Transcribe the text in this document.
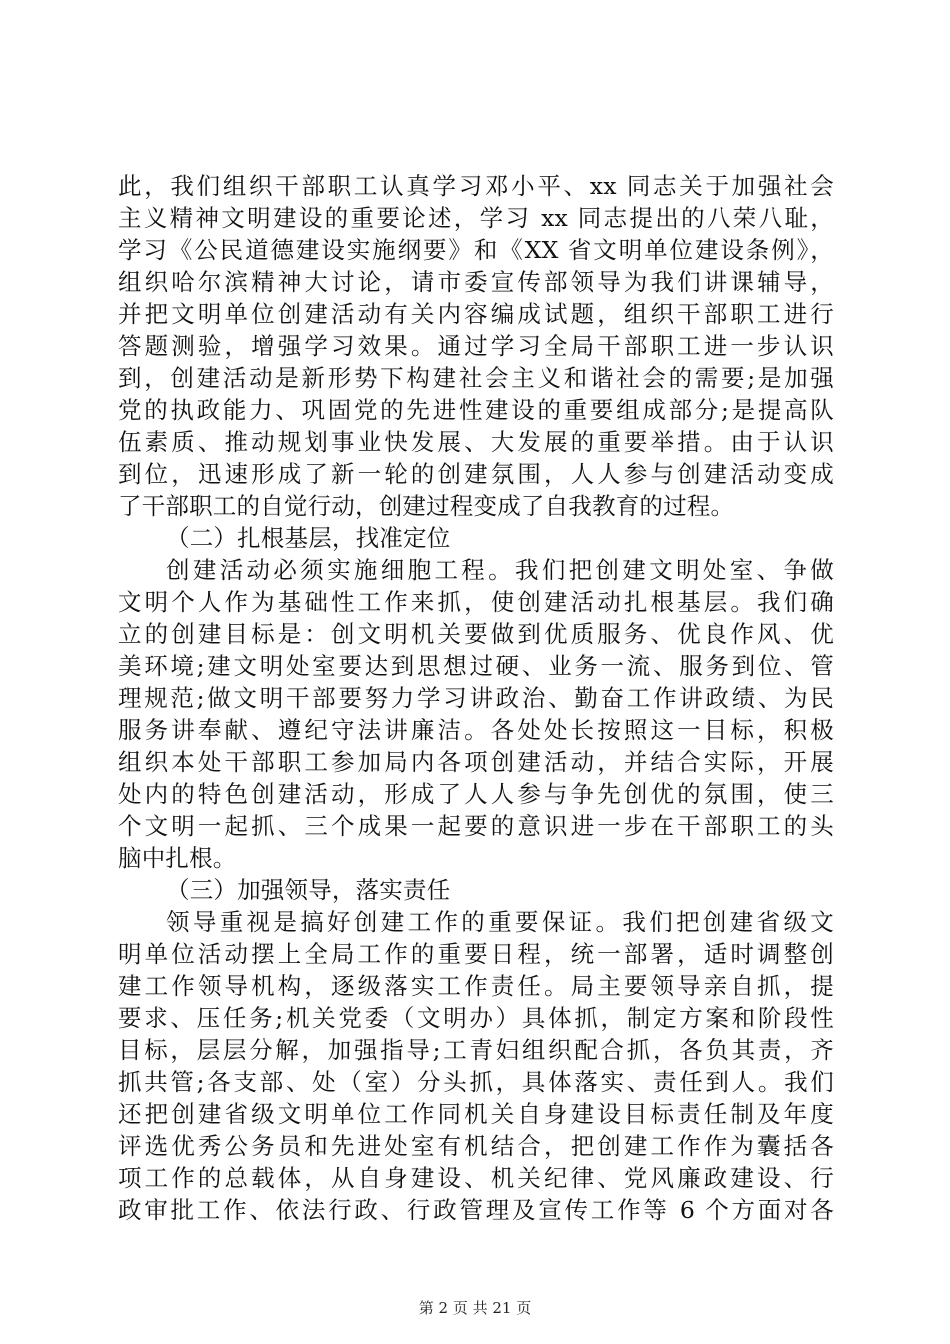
此，我们组织干部职工认真学习邓小平、xx 同志关于加强社会
主义精神文明建设的重要论述，学习 xx 同志提出的八荣八耻，
学习《公民道德建设实施纲要》和《XX 省文明单位建设条例》，
组织哈尔滨精神大讨论，请市委宣传部领导为我们讲课辅导，
并把文明单位创建活动有关内容编成试题，组织干部职工进行
答题测验，增强学习效果。通过学习全局干部职工进一步认识
到，创建活动是新形势下构建社会主义和谐社会的需要;是加强
党的执政能力、巩固党的先进性建设的重要组成部分;是提高队
伍素质、推动规划事业快发展、大发展的重要举措。由于认识
到位，迅速形成了新一轮的创建氛围，人人参与创建活动变成
了干部职工的自觉行动，创建过程变成了自我教育的过程。
（二）扎根基层，找准定位
创建活动必须实施细胞工程。我们把创建文明处室、争做
文明个人作为基础性工作来抓，使创建活动扎根基层。我们确
立的创建目标是：创文明机关要做到优质服务、优良作风、优
美环境;建文明处室要达到思想过硬、业务一流、服务到位、管
理规范;做文明干部要努力学习讲政治、勤奋工作讲政绩、为民
服务讲奉献、遵纪守法讲廉洁。各处处长按照这一目标，积极
组织本处干部职工参加局内各项创建活动，并结合实际，开展
处内的特色创建活动，形成了人人参与争先创优的氛围，使三
个文明一起抓、三个成果一起要的意识进一步在干部职工的头
脑中扎根。
（三）加强领导，落实责任
领导重视是搞好创建工作的重要保证。我们把创建省级文
明单位活动摆上全局工作的重要日程，统一部署，适时调整创
建工作领导机构，逐级落实工作责任。局主要领导亲自抓，提
要求、压任务;机关党委（文明办）具体抓，制定方案和阶段性
目标，层层分解，加强指导;工青妇组织配合抓，各负其责，齐
抓共管;各支部、处（室）分头抓，具体落实、责任到人。我们
还把创建省级文明单位工作同机关自身建设目标责任制及年度
评选优秀公务员和先进处室有机结合，把创建工作作为囊括各
项工作的总载体，从自身建设、机关纪律、党风廉政建设、行
政审批工作、依法行政、行政管理及宣传工作等 6 个方面对各
第 2 页 共 21 页
